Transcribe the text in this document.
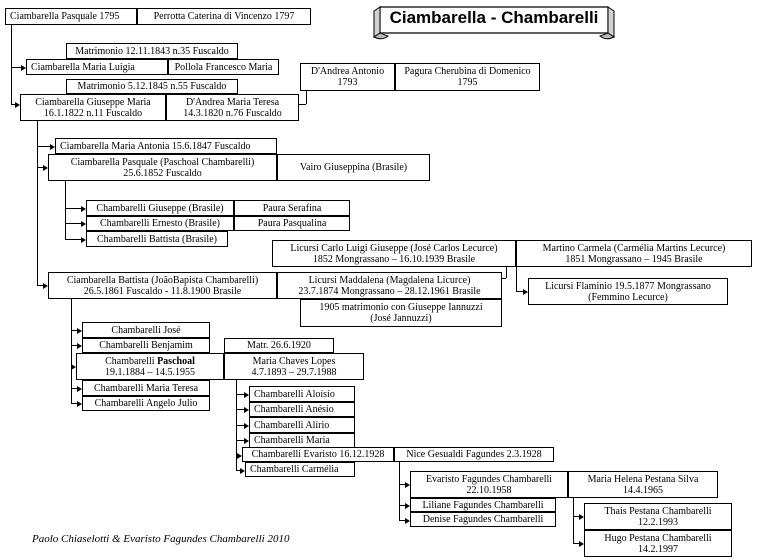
Ciambarella - Chambarelli
Ciambarella Pasquale 1795	Perrotta Caterina di Vincenzo 1797
Matrimonio 12.11.1843 n.35 Fuscaldo
Ciambarella Maria Luigia	Pollola Francesco Maria
Matrimonio 5.12.1845 n.55 Fuscaldo
D'Andrea Antonio
1793
Pagura Cherubina di Domenico
1795
Ciambarella Giuseppe Maria
16.1.1822 n.11 Fuscaldo
D'Andrea Maria Teresa
14.3.1820 n.76 Fuscaldo
Ciambarella Maria Antonia 15.6.1847 Fuscaldo
Ciambarella Pasquale (Paschoal Chambarelli)
25.6.1852 Fuscaldo	Vairo Giuseppina (Brasile)
Chambarelli Giuseppe (Brasile)	Paura Serafina
Chambarelli Ernesto (Brasile)	Paura Pasqualina
Chambarelli Battista (Brasile)
Licursi Carlo Luigi Giuseppe (José Carlos Lecurce)
1852 Mongrassano – 16.10.1939 Brasile
Martino Carmela (Carmélia Martins Lecurce)
1851 Mongrassano – 1945 Brasile
Ciambarella Battista (JoãoBapista Chambarelli)
26.5.1861 Fuscaldo - 11.8.1900 Brasile
Licursi Maddalena (Magdalena Licurce)
23.7.1874 Mongrassano – 28.12.1961 Brasile	Licursi Flaminio 19.5.1877 Mongrassano
(Femmino Lecurce)
1905 matrimonio con Giuseppe Iannuzzi
(José Jannuzzi)
Chambarelli José
Chambarelli Benjamim	Matr. 26.6.1920
Chambarelli Paschoal
19.1.1884 – 14.5.1955
Maria Chaves Lopes
4.7.1893 – 29.7.1988
Chambarelli Maria Teresa
Chambarelli Angelo Julio
Chambarelli Aloísio
Chambarelli Anésio
Chambarelli Alírio
Chambarelli Maria
Chambarelli Evaristo 16.12.1928 Nice Gesualdi Fagundes 2.3.1928
Chambarelli Carmélia
Evaristo Fagundes Chambarelli
22.10.1958
Maria Helena Pestana Silva
14.4.1965
Liliane Fagundes Chambarelli
Denise Fagundes Chambarelli
Thais Pestana Chambarelli
12.2.1993
Hugo Pestana Chambarelli
14.2.1997
Paolo Chiaselotti & Evaristo Fagundes Chambarelli 2010
